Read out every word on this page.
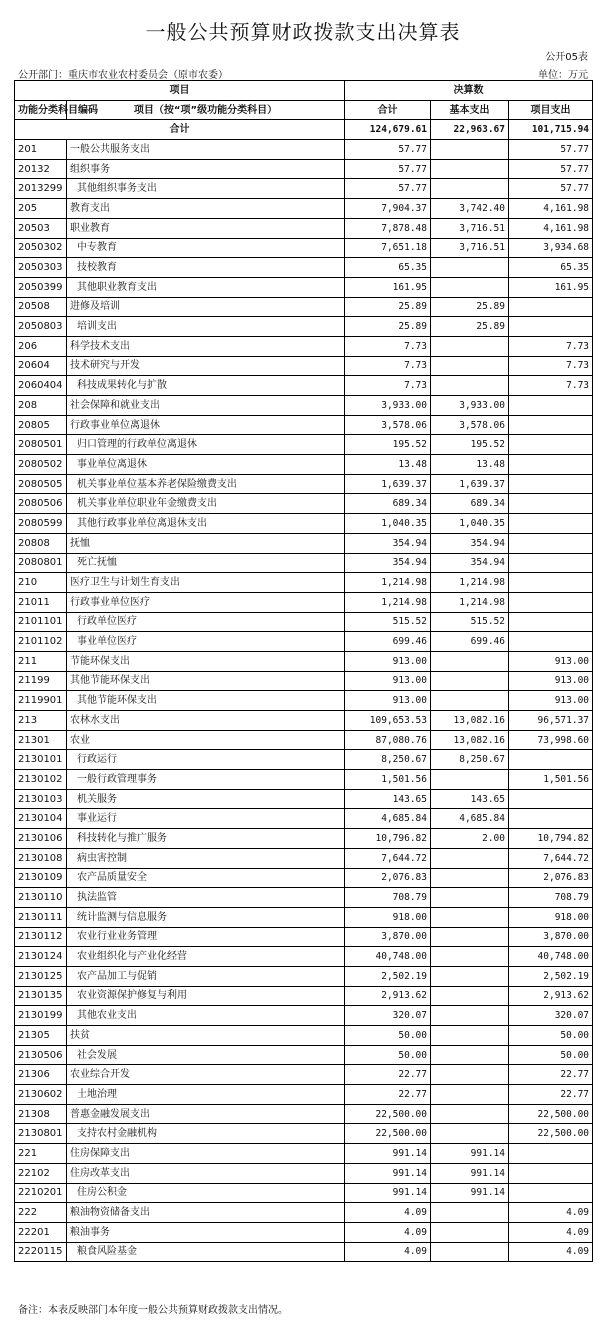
一般公共预算财政拨款支出决算表
公开05表
公开部门：重庆市农业农村委员会（原市农委）	单位：万元
项目		决算数		
功能分类科目编码	项目（按“项”级功能分类科目）	合计	基本支出	项目支出
合计		124,679.61	22,963.67	101,715.94
201	一般公共服务支出	57.77		57.77
20132	组织事务	57.77		57.77
2013299	其他组织事务支出	57.77		57.77
205	教育支出	7,904.37	3,742.40	4,161.98
20503	职业教育	7,878.48	3,716.51	4,161.98
2050302	中专教育	7,651.18	3,716.51	3,934.68
2050303	技校教育	65.35		65.35
2050399	其他职业教育支出	161.95		161.95
20508	进修及培训	25.89	25.89	
2050803	培训支出	25.89	25.89	
206	科学技术支出	7.73		7.73
20604	技术研究与开发	7.73		7.73
2060404	科技成果转化与扩散	7.73		7.73
208	社会保障和就业支出	3,933.00	3,933.00	
20805	行政事业单位离退休	3,578.06	3,578.06	
2080501	归口管理的行政单位离退休	195.52	195.52	
2080502	事业单位离退休	13.48	13.48	
2080505	机关事业单位基本养老保险缴费支出	1,639.37	1,639.37	
2080506	机关事业单位职业年金缴费支出	689.34	689.34	
2080599	其他行政事业单位离退休支出	1,040.35	1,040.35	
20808	抚恤	354.94	354.94	
2080801	死亡抚恤	354.94	354.94	
210	医疗卫生与计划生育支出	1,214.98	1,214.98	
21011	行政事业单位医疗	1,214.98	1,214.98	
2101101	行政单位医疗	515.52	515.52	
2101102	事业单位医疗	699.46	699.46	
211	节能环保支出	913.00		913.00
21199	其他节能环保支出	913.00		913.00
2119901	其他节能环保支出	913.00		913.00
213	农林水支出	109,653.53	13,082.16	96,571.37
21301	农业	87,080.76	13,082.16	73,998.60
2130101	行政运行	8,250.67	8,250.67	
2130102	一般行政管理事务	1,501.56		1,501.56
2130103	机关服务	143.65	143.65	
2130104	事业运行	4,685.84	4,685.84	
2130106	科技转化与推广服务	10,796.82	2.00	10,794.82
2130108	病虫害控制	7,644.72		7,644.72
2130109	农产品质量安全	2,076.83		2,076.83
2130110	执法监管	708.79		708.79
2130111	统计监测与信息服务	918.00		918.00
2130112	农业行业业务管理	3,870.00		3,870.00
2130124	农业组织化与产业化经营	40,748.00		40,748.00
2130125	农产品加工与促销	2,502.19		2,502.19
2130135	农业资源保护修复与利用	2,913.62		2,913.62
2130199	其他农业支出	320.07		320.07
21305	扶贫	50.00		50.00
2130506	社会发展	50.00		50.00
21306	农业综合开发	22.77		22.77
2130602	土地治理	22.77		22.77
21308	普惠金融发展支出	22,500.00		22,500.00
2130801	支持农村金融机构	22,500.00		22,500.00
221	住房保障支出	991.14	991.14	
22102	住房改革支出	991.14	991.14	
2210201	住房公积金	991.14	991.14	
222	粮油物资储备支出	4.09		4.09
22201	粮油事务	4.09		4.09
2220115	粮食风险基金	4.09		4.09
备注：本表反映部门本年度一般公共预算财政拨款支出情况。
